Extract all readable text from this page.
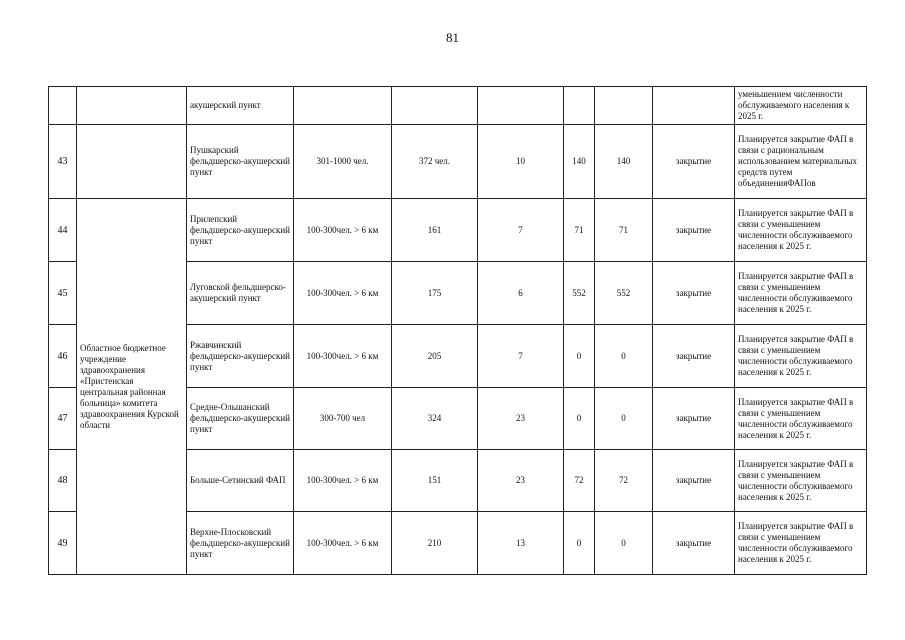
81
		акушерский пункт							уменьшением численности обслуживаемого населения к 2025 г.
43		Пушкарский фельдшерско-акушерский пункт	301-1000 чел.	372 чел.	10	140	140	закрытие	Планируется закрытие ФАП в связи с рациональным использованием материальных средств путем объединенияФАПов
44	Областное бюджетное учреждение здравоохранения «Пристенская центральная районная больница» комитета здравоохранения Курской области	Прилепский фельдшерско-акушерский пункт	100-300чел. > 6 км	161	7	71	71	закрытие	Планируется закрытие ФАП в связи с уменьшением численности обслуживаемого населения к 2025 г.
45		Луговской фельдшерско-акушерский пункт	100-300чел. > 6 км	175	6	552	552	закрытие	Планируется закрытие ФАП в связи с уменьшением численности обслуживаемого населения к 2025 г.
46		Ржавчинский фельдшерско-акушерский пункт	100-300чел. > 6 км	205	7	0	0	закрытие	Планируется закрытие ФАП в связи с уменьшением численности обслуживаемого населения к 2025 г.
47		Средне-Ольшанский фельдшерско-акушерский пункт	300-700 чел	324	23	0	0	закрытие	Планируется закрытие ФАП в связи с уменьшением численности обслуживаемого населения к 2025 г.
48		Больше-Сетинский ФАП	100-300чел. > 6 км	151	23	72	72	закрытие	Планируется закрытие ФАП в связи с уменьшением численности обслуживаемого населения к 2025 г.
49		Верхне-Плосковский фельдшерско-акушерский пункт	100-300чел. > 6 км	210	13	0	0	закрытие	Планируется закрытие ФАП в связи с уменьшением численности обслуживаемого населения к 2025 г.
